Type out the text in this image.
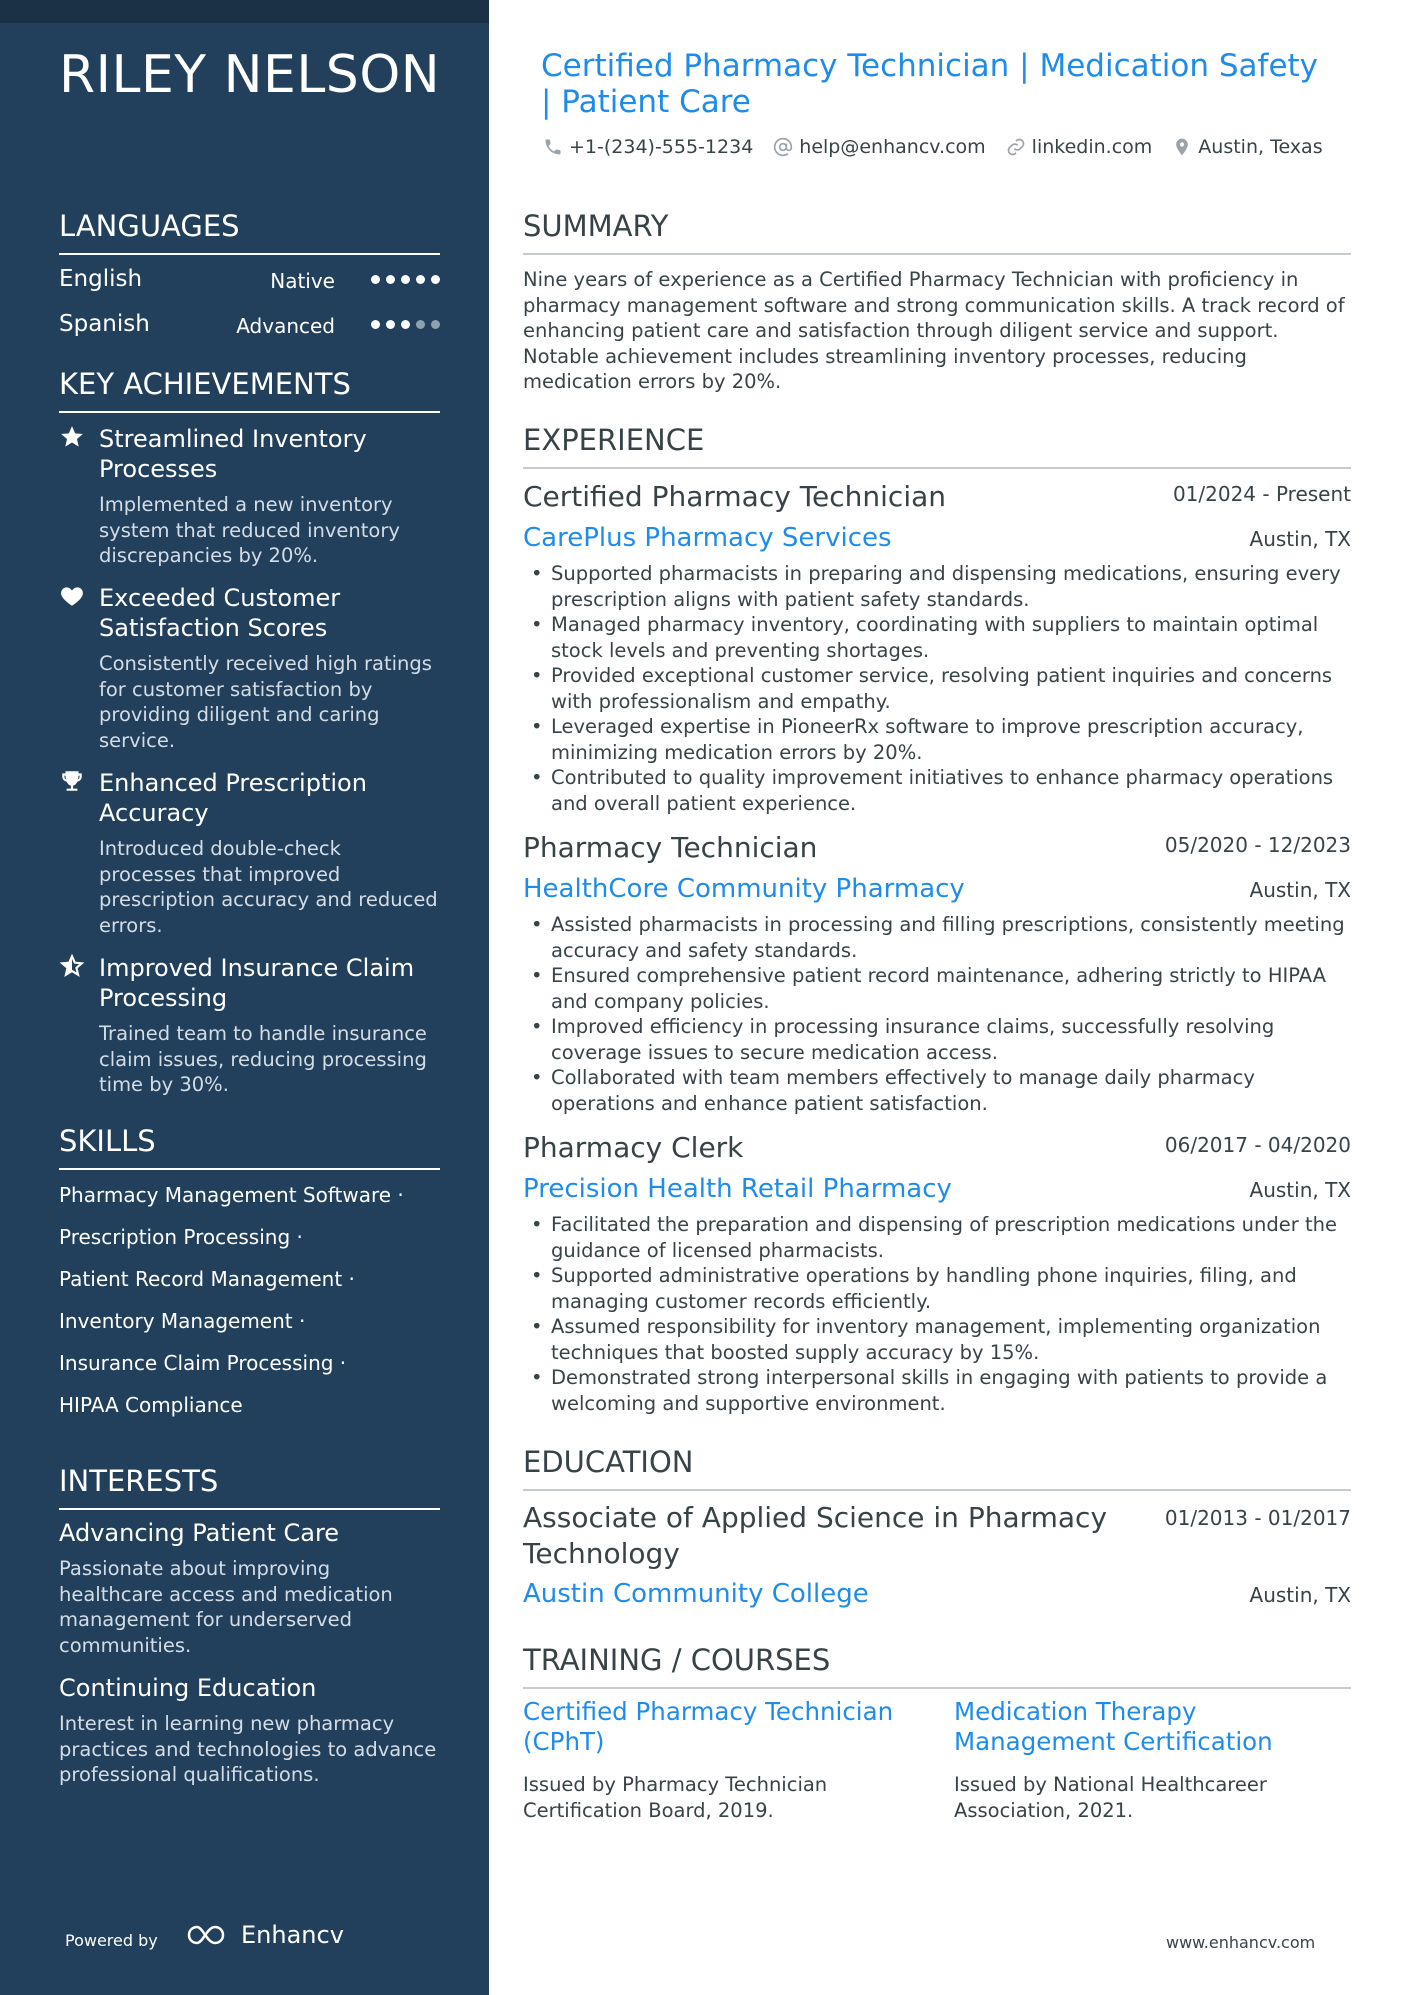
RILEY NELSON
LANGUAGES
English	Native
Spanish	Advanced
KEY ACHIEVEMENTS
Streamlined Inventory Processes
Implemented a new inventory system that reduced inventory discrepancies by 20%.
Exceeded Customer Satisfaction Scores
Consistently received high ratings for customer satisfaction by providing diligent and caring service.
Enhanced Prescription Accuracy
Introduced double-check processes that improved prescription accuracy and reduced errors.
Improved Insurance Claim Processing
Trained team to handle insurance claim issues, reducing processing time by 30%.
SKILLS
Pharmacy Management Software ·
Prescription Processing ·
Patient Record Management ·
Inventory Management ·
Insurance Claim Processing ·
HIPAA Compliance
INTERESTS
Advancing Patient Care
Passionate about improving healthcare access and medication management for underserved communities.
Continuing Education
Interest in learning new pharmacy practices and technologies to advance professional qualifications.
Powered by	Enhancv
Certified Pharmacy Technician | Medication Safety | Patient Care
+1-(234)-555-1234 help@enhancv.com linkedin.com Austin, Texas
SUMMARY

Nine years of experience as a Certified Pharmacy Technician with proficiency in pharmacy management software and strong communication skills. A track record of enhancing patient care and satisfaction through diligent service and support. Notable achievement includes streamlining inventory processes, reducing medication errors by 20%.

EXPERIENCE
Certified Pharmacy Technician	01/2024 - Present
CarePlus Pharmacy Services	Austin, TX
• Supported pharmacists in preparing and dispensing medications, ensuring every prescription aligns with patient safety standards.
• Managed pharmacy inventory, coordinating with suppliers to maintain optimal stock levels and preventing shortages.
• Provided exceptional customer service, resolving patient inquiries and concerns with professionalism and empathy.
• Leveraged expertise in PioneerRx software to improve prescription accuracy, minimizing medication errors by 20%.
• Contributed to quality improvement initiatives to enhance pharmacy operations and overall patient experience.
Pharmacy Technician	05/2020 - 12/2023
HealthCore Community Pharmacy	Austin, TX
• Assisted pharmacists in processing and filling prescriptions, consistently meeting accuracy and safety standards.
• Ensured comprehensive patient record maintenance, adhering strictly to HIPAA and company policies.
• Improved efficiency in processing insurance claims, successfully resolving coverage issues to secure medication access.
• Collaborated with team members effectively to manage daily pharmacy operations and enhance patient satisfaction.
Pharmacy Clerk	06/2017 - 04/2020
Precision Health Retail Pharmacy	Austin, TX
• Facilitated the preparation and dispensing of prescription medications under the guidance of licensed pharmacists.
• Supported administrative operations by handling phone inquiries, filing, and managing customer records efficiently.
• Assumed responsibility for inventory management, implementing organization techniques that boosted supply accuracy by 15%.
• Demonstrated strong interpersonal skills in engaging with patients to provide a welcoming and supportive environment.
EDUCATION
Associate of Applied Science in Pharmacy Technology
01/2013 - 01/2017
Austin Community College	Austin, TX
TRAINING / COURSES
Certified Pharmacy Technician (CPhT)
Issued by Pharmacy Technician Certification Board, 2019.
Medication Therapy Management Certification
Issued by National Healthcareer Association, 2021.
www.enhancv.com
